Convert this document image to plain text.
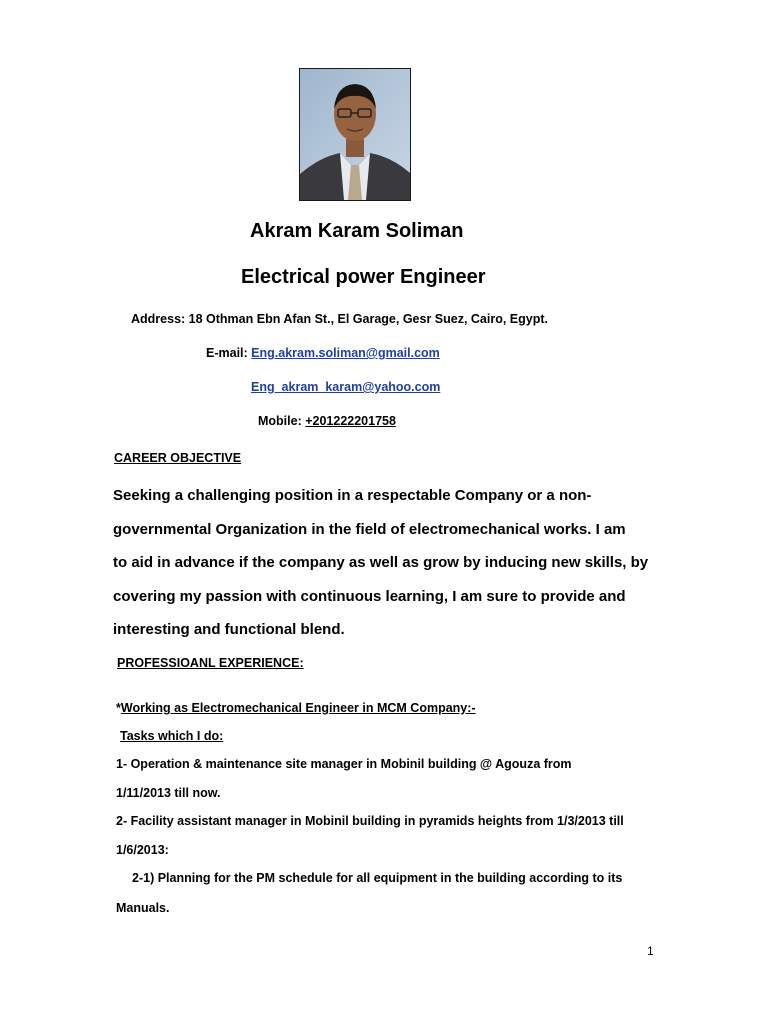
Akram Karam Soliman
Electrical power Engineer
Address: 18 Othman Ebn Afan St., El Garage, Gesr Suez, Cairo, Egypt.
E-mail: Eng.akram.soliman@gmail.com
Eng_akram_karam@yahoo.com
Mobile: +201222201758
CAREER OBJECTIVE
Seeking a challenging position in a respectable Company or a non-
governmental Organization in the field of electromechanical works. I am
to aid in advance if the company as well as grow by inducing new skills, by
covering my passion with continuous learning, I am sure to provide and
interesting and functional blend.
PROFESSIOANL EXPERIENCE:
*Working as Electromechanical Engineer in MCM Company:-
Tasks which I do:
1- Operation & maintenance site manager in Mobinil building @ Agouza from
1/11/2013 till now.
2- Facility assistant manager in Mobinil building in pyramids heights from 1/3/2013 till
1/6/2013:
2-1) Planning for the PM schedule for all equipment in the building according to its
Manuals.
1
